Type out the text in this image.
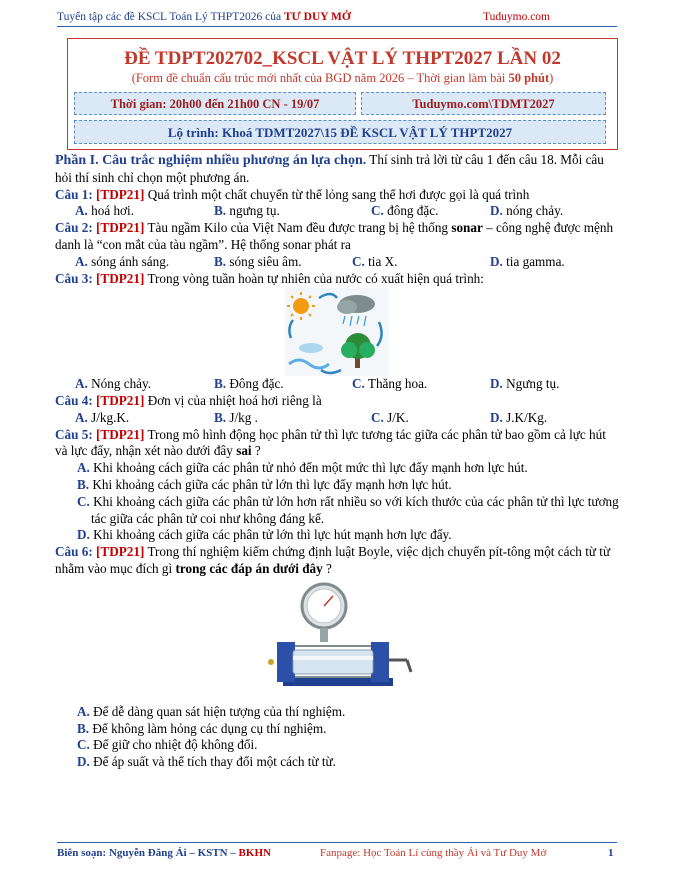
Tuyển tập các đề KSCL Toán Lý THPT2026 của TƯ DUY MỞ	Tuduymo.com
ĐỀ TDPT202702_KSCL VẬT LÝ THPT2027 LẦN 02
(Form đề chuẩn cấu trúc mới nhất của BGD năm 2026 – Thời gian làm bài 50 phút)
Thời gian: 20h00 đến 21h00 CN - 19/07	Tuduymo.com\TDMT2027
Lộ trình: Khoá TDMT2027\15 ĐỀ KSCL VẬT LÝ THPT2027
Phần I. Câu trắc nghiệm nhiều phương án lựa chọn. Thí sinh trả lời từ câu 1 đến câu 18. Mỗi câu hỏi thí sinh chỉ chọn một phương án.
Câu 1: [TDP21] Quá trình một chất chuyển từ thể lỏng sang thể hơi được gọi là quá trình
A. hoá hơi.	B. ngưng tụ.	C. đông đặc.	D. nóng chảy.
Câu 2: [TDP21] Tàu ngầm Kilo của Việt Nam đều được trang bị hệ thống sonar – công nghệ được mệnh danh là “con mắt của tàu ngầm”. Hệ thống sonar phát ra
A. sóng ánh sáng.	B. sóng siêu âm.	C. tia X.	D. tia gamma.
Câu 3: [TDP21] Trong vòng tuần hoàn tự nhiên của nước có xuất hiện quá trình:
A. Nóng chảy.	B. Đông đặc.	C. Thăng hoa.	D. Ngưng tụ.
Câu 4: [TDP21] Đơn vị của nhiệt hoá hơi riêng là
A. J/kg.K.	B. J/kg .	C. J/K.	D. J.K/Kg.
Câu 5: [TDP21] Trong mô hình động học phân tử thì lực tương tác giữa các phân tử bao gồm cả lực hút và lực đẩy, nhận xét nào dưới đây sai ?
A. Khi khoảng cách giữa các phân tử nhỏ đến một mức thì lực đẩy mạnh hơn lực hút.
B. Khi khoảng cách giữa các phân tử lớn thì lực đẩy mạnh hơn lực hút.
C. Khi khoảng cách giữa các phân tử lớn hơn rất nhiều so với kích thước của các phân tử thì lực tương tác giữa các phân tử coi như không đáng kể.
D. Khi khoảng cách giữa các phân tử lớn thì lực hút mạnh hơn lực đẩy.
Câu 6: [TDP21] Trong thí nghiệm kiểm chứng định luật Boyle, việc dịch chuyển pít-tông một cách từ từ nhằm vào mục đích gì trong các đáp án dưới đây ?
A. Để dễ dàng quan sát hiện tượng của thí nghiệm.
B. Để không làm hỏng các dụng cụ thí nghiệm.
C. Để giữ cho nhiệt độ không đổi.
D. Để áp suất và thể tích thay đổi một cách từ từ.
Biên soạn: Nguyễn Đăng Ái – KSTN – BKHN	Fanpage: Học Toán Lí cùng thầy Ái và Tư Duy Mở	1
